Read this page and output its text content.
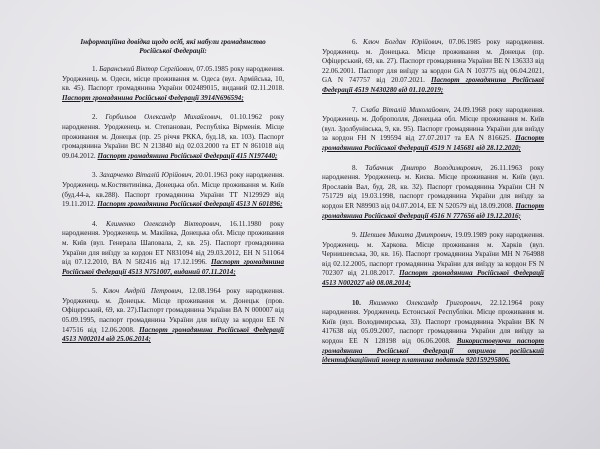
Інформаційна довідка щодо осіб, які набули громадянство Російської Федерації:

1. Баранський Віктор Сергійович, 07.05.1985 року народження. Уродженець м. Одеси, місце проживання м. Одеса (вул. Армійська, 10, кв. 45). Паспорт громадянина України 002489015, виданий 02.11.2018. Паспорт громадянина Російської Федерації 3914N696594;

2. Горбильов Олександр Михайлович, 01.10.1962 року народження. Уродженець м. Степанован, Республіка Вірменія. Місце проживання м. Донецьк (пр. 25 річчя РККА, буд.18, кв. 103). Паспорт громадянина України ВС N 213840 від 02.03.2000 та ЕТ N 861018 від 09.04.2012. Паспорт громадянина Російської Федерації 415 N197440;

3. Захарченко Віталій Юрійович, 20.01.1963 року народження. Уродженець м.Костянтинівка, Донецька обл. Місце проживання м. Київ (буд.44-а, кв.288). Паспорт громадянина України ТТ N129929 від 19.11.2012. Паспорт громадянина Російської Федерації 4513 N 601896;

4. Клименко Олександр Вікторович, 16.11.1980 року народження. Уродженець м. Макіївка, Донецька обл. Місце проживання м. Київ (вул. Генерала Шаповала, 2, кв. 25). Паспорт громадянина України для виїзду за кордон ЕТ N831094 від 29.03.2012, ЕН N 511064 від 07.12.2010, ВА N 582416 від 17.12.1996. Паспорт громадянина Російської Федерації 4513 N751007, виданий 07.11.2014;

5. Ключ Андрій Петрович, 12.08.1964 року народження. Уродженець м. Донецьк. Місце проживання м. Донецьк (пров. Офіцерський, 69, кв. 27).Паспорт громадянина України ВА N 000007 від 05.09.1995, паспорт громадянина України для виїзду за кордон ЕЕ N 147516 від 12.06.2008. Паспорт громадянина Російської Федерації 4513 N002014 від 25.06.2014;

6. Ключ Богдан Юрійович, 07.06.1985 року народження. Уродженець м. Донецька. Місце проживання м. Донецьк (пр. Офіцерський, 69, кв. 27). Паспорт громадянина України ВЕ N 136333 від 22.06.2001. Паспорт для виїзду за кордон GA N 103775 від 06.04.2021, GA N 747757 від 20.07.2021. Паспорт громадянина Російської Федерації 4519 N430280 від 01.10.2019;

7. Слаба Віталій Миколайович, 24.09.1968 року народження. Уродженець м. Доброполля, Донецька обл. Місце проживання м. Київ (вул. Здолбунівська, 9, кв. 95). Паспорт громадянина України для виїзду за кордон FH N 199594 від 27.07.2017 та ЕА N 816625. Паспорт громадянина Російської Федерації 4519 N 145681 від 28.12.2020;

8. Табачник Дмитро Володимирович, 26.11.1963 року народження. Уродженець м. Києва. Місце проживання м. Київ (вул. Ярославів Вал, буд. 28, кв. 32). Паспорт громадянина України СН N 751729 від 19.03.1998, паспорт громадянина України для виїзду за кордон ЕR N89903 від 04.07.2014, ЕЕ N 520579 від 18.09.2008. Паспорт громадянина Російської Федерації 4516 N 777656 від 19.12.2016;

9. Шепшев Микита Дмитрович, 19.09.1989 року народження. Уродженець м. Харкова. Місце проживання м. Харків (вул. Чернишевська, 30, кв. 16). Паспорт громадянина України МН N 764988 від 02.12.2005, паспорт громадянина України для виїзду за кордон FS N 702307 від 21.08.2017. Паспорт громадянина Російської Федерації 4513 N002027 від 08.08.2014;

10. Якименко Олександр Григорович, 22.12.1964 року народження. Уродженець Естонської Республіки. Місце проживання м. Київ (вул. Володимирська, 33). Паспорт громадянина України ВК N 417638 від 05.09.2007, паспорт громадянина України для виїзду за кордон ЕЕ N 128198 від 06.06.2008. Використовуючи паспорт громадянина Російської Федерації отримав російський ідентифікаційний номер платника податків 920159295806.
